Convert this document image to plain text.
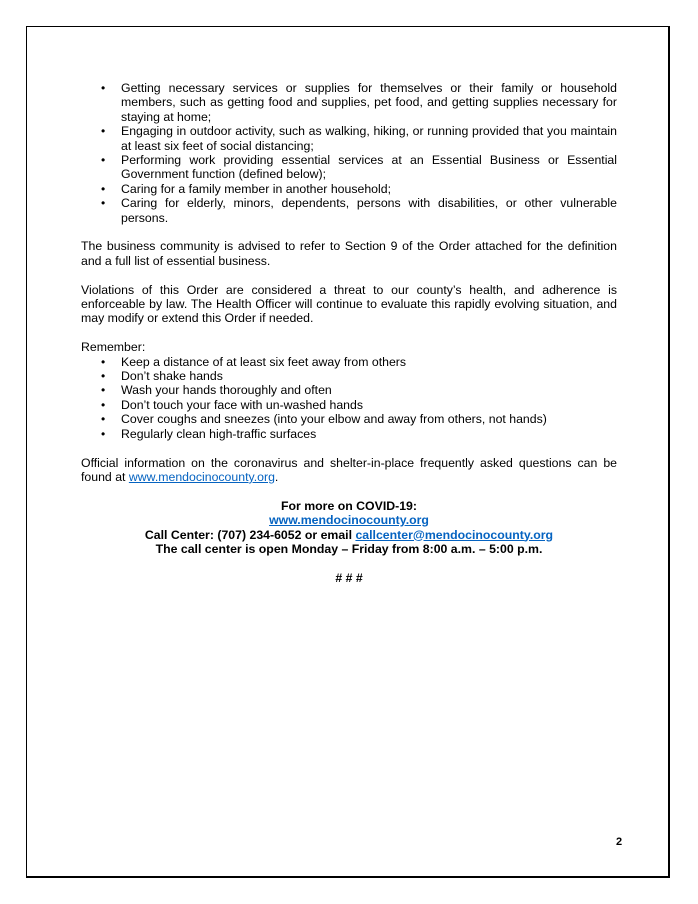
• Getting necessary services or supplies for themselves or their family or household members, such as getting food and supplies, pet food, and getting supplies necessary for staying at home;
• Engaging in outdoor activity, such as walking, hiking, or running provided that you maintain at least six feet of social distancing;
• Performing work providing essential services at an Essential Business or Essential Government function (defined below);
• Caring for a family member in another household;
• Caring for elderly, minors, dependents, persons with disabilities, or other vulnerable persons.

The business community is advised to refer to Section 9 of the Order attached for the definition and a full list of essential business.

Violations of this Order are considered a threat to our county’s health, and adherence is enforceable by law. The Health Officer will continue to evaluate this rapidly evolving situation, and may modify or extend this Order if needed.

Remember:

• Keep a distance of at least six feet away from others
• Don’t shake hands
• Wash your hands thoroughly and often
• Don’t touch your face with un-washed hands
• Cover coughs and sneezes (into your elbow and away from others, not hands)
• Regularly clean high-traffic surfaces

Official information on the coronavirus and shelter-in-place frequently asked questions can be found at www.mendocinocounty.org.

For more on COVID-19:
www.mendocinocounty.org
Call Center: (707) 234-6052 or email callcenter@mendocinocounty.org
The call center is open Monday – Friday from 8:00 a.m. – 5:00 p.m.
# # #
2
